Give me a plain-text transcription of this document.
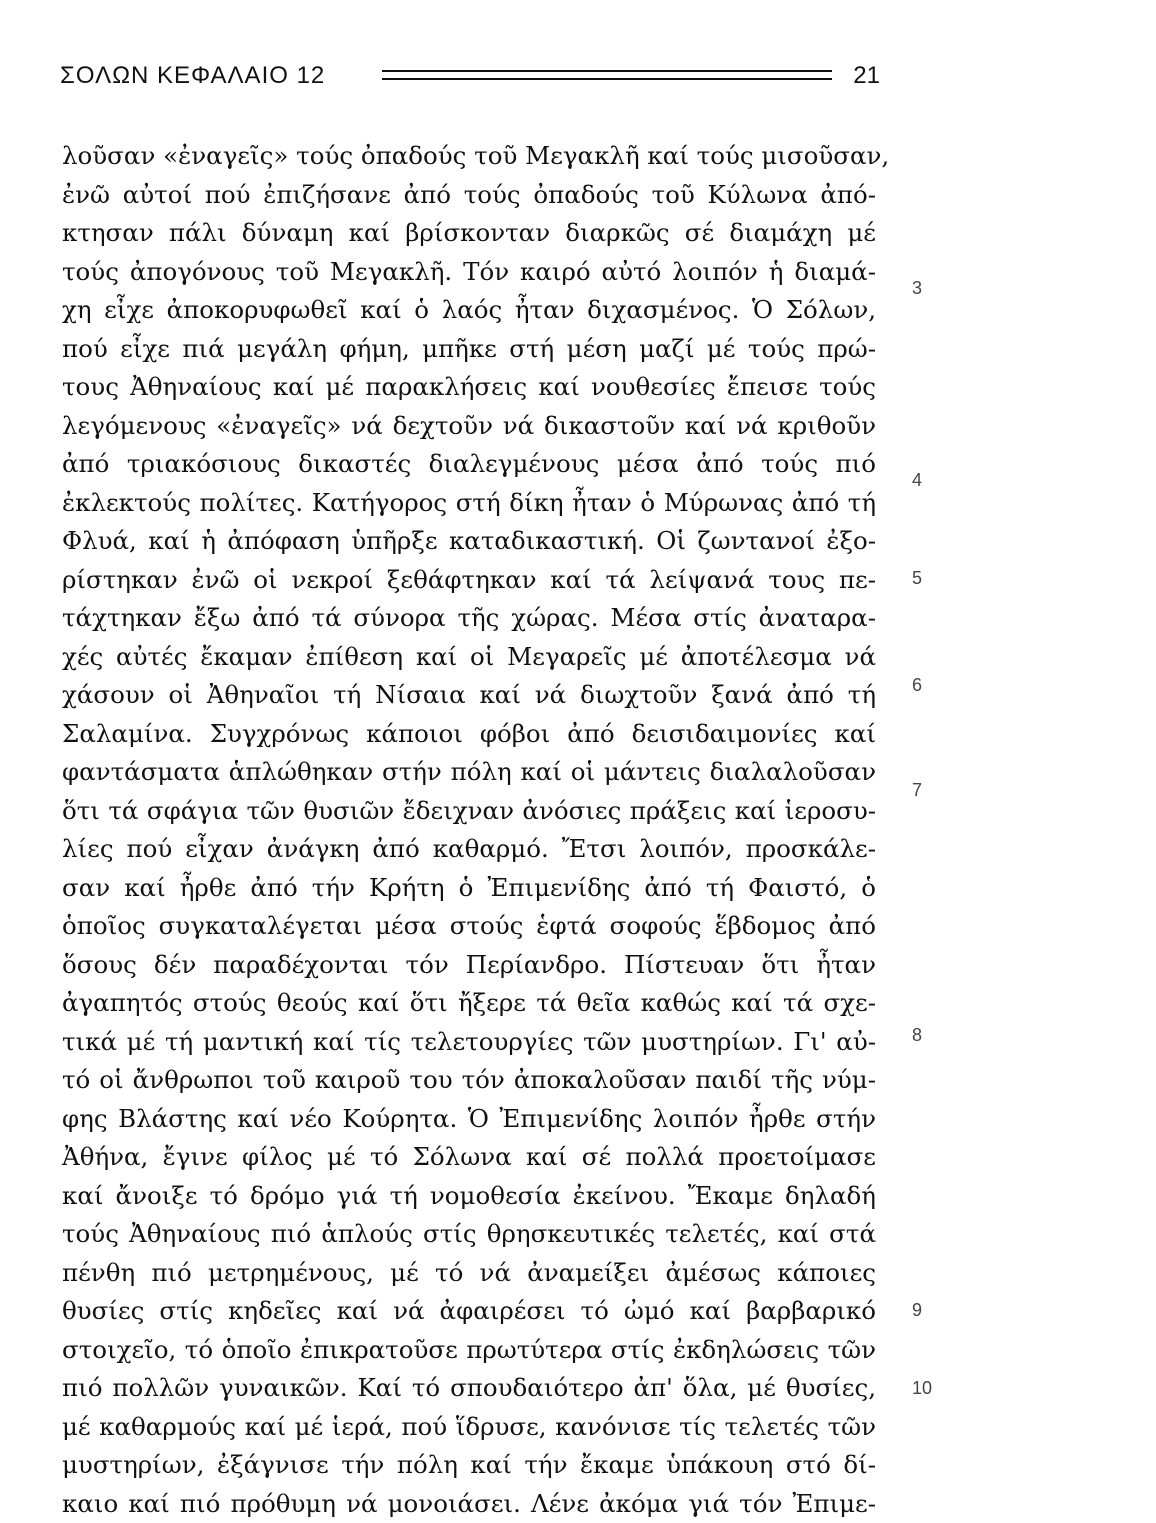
ΣΟΛΩΝ ΚΕΦΑΛΑΙΟ 12	21
λοῦσαν «ἐναγεῖς» τούς ὀπαδούς τοῦ Μεγακλῆ καί τούς μισοῦσαν,
ἐνῶ αὐτοί πού ἐπιζήσανε ἀπό τούς ὀπαδούς τοῦ Κύλωνα ἀπό-
κτησαν πάλι δύναμη καί βρίσκονταν διαρκῶς σέ διαμάχη μέ
τούς ἀπογόνους τοῦ Μεγακλῆ. Τόν καιρό αὐτό λοιπόν ἡ διαμά-
χη εἶχε ἀποκορυφωθεῖ καί ὁ λαός ἦταν διχασμένος. Ὁ Σόλων,
πού εἶχε πιά μεγάλη φήμη, μπῆκε στή μέση μαζί μέ τούς πρώ-
τους Ἀθηναίους καί μέ παρακλήσεις καί νουθεσίες ἔπεισε τούς
λεγόμενους «ἐναγεῖς» νά δεχτοῦν νά δικαστοῦν καί νά κριθοῦν
ἀπό τριακόσιους δικαστές διαλεγμένους μέσα ἀπό τούς πιό
ἐκλεκτούς πολίτες. Κατήγορος στή δίκη ἦταν ὁ Μύρωνας ἀπό τή
Φλυά, καί ἡ ἀπόφαση ὑπῆρξε καταδικαστική. Οἱ ζωντανοί ἐξο-
ρίστηκαν ἐνῶ οἱ νεκροί ξεθάφτηκαν καί τά λείψανά τους πε-
τάχτηκαν ἔξω ἀπό τά σύνορα τῆς χώρας. Μέσα στίς ἀναταρα-
χές αὐτές ἔκαμαν ἐπίθεση καί οἱ Μεγαρεῖς μέ ἀποτέλεσμα νά
χάσουν οἱ Ἀθηναῖοι τή Νίσαια καί νά διωχτοῦν ξανά ἀπό τή
Σαλαμίνα. Συγχρόνως κάποιοι φόβοι ἀπό δεισιδαιμονίες καί
φαντάσματα ἁπλώθηκαν στήν πόλη καί οἱ μάντεις διαλαλοῦσαν
ὅτι τά σφάγια τῶν θυσιῶν ἔδειχναν ἀνόσιες πράξεις καί ἱεροσυ-
λίες πού εἶχαν ἀνάγκη ἀπό καθαρμό. Ἔτσι λοιπόν, προσκάλε-
σαν καί ἦρθε ἀπό τήν Κρήτη ὁ Ἐπιμενίδης ἀπό τή Φαιστό, ὁ
ὁποῖος συγκαταλέγεται μέσα στούς ἑφτά σοφούς ἕβδομος ἀπό
ὅσους δέν παραδέχονται τόν Περίανδρο. Πίστευαν ὅτι ἦταν
ἀγαπητός στούς θεούς καί ὅτι ἤξερε τά θεῖα καθώς καί τά σχε-
τικά μέ τή μαντική καί τίς τελετουργίες τῶν μυστηρίων. Γι' αὐ-
τό οἱ ἄνθρωποι τοῦ καιροῦ του τόν ἀποκαλοῦσαν παιδί τῆς νύμ-
φης Βλάστης καί νέο Κούρητα. Ὁ Ἐπιμενίδης λοιπόν ἦρθε στήν
Ἀθήνα, ἔγινε φίλος μέ τό Σόλωνα καί σέ πολλά προετοίμασε
καί ἄνοιξε τό δρόμο γιά τή νομοθεσία ἐκείνου. Ἔκαμε δηλαδή
τούς Ἀθηναίους πιό ἁπλούς στίς θρησκευτικές τελετές, καί στά
πένθη πιό μετρημένους, μέ τό νά ἀναμείξει ἀμέσως κάποιες
θυσίες στίς κηδεῖες καί νά ἀφαιρέσει τό ὠμό καί βαρβαρικό
στοιχεῖο, τό ὁποῖο ἐπικρατοῦσε πρωτύτερα στίς ἐκδηλώσεις τῶν
πιό πολλῶν γυναικῶν. Καί τό σπουδαιότερο ἀπ' ὅλα, μέ θυσίες,
μέ καθαρμούς καί μέ ἱερά, πού ἵδρυσε, κανόνισε τίς τελετές τῶν
μυστηρίων, ἐξάγνισε τήν πόλη καί τήν ἔκαμε ὑπάκουη στό δί-
καιο καί πιό πρόθυμη νά μονοιάσει. Λένε ἀκόμα γιά τόν Ἐπιμε-
3
4
5
6
7
8
9
10
